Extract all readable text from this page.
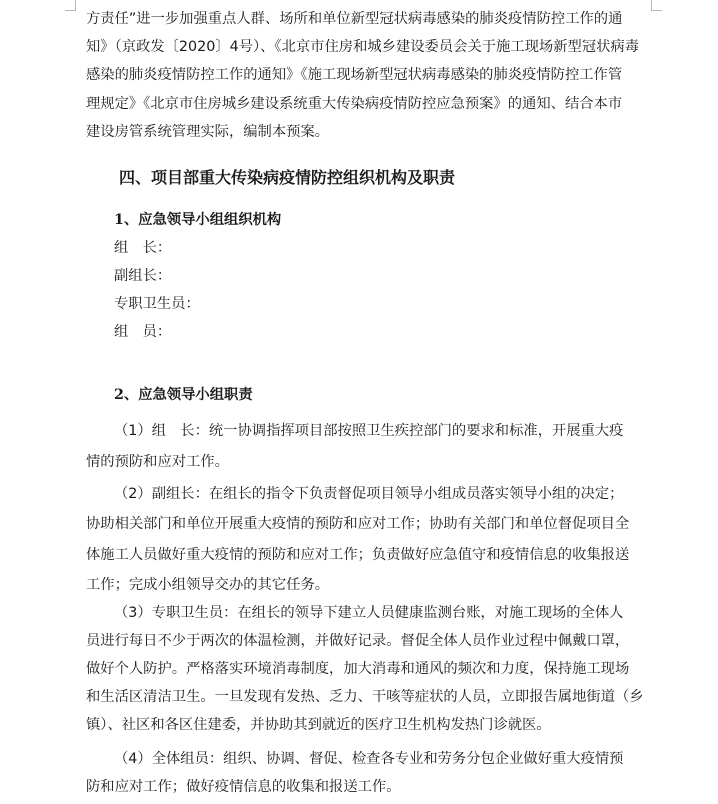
方责任”进一步加强重点人群、场所和单位新型冠状病毒感染的肺炎疫情防控工作的通
知》（京政发〔2020〕4号）、《北京市住房和城乡建设委员会关于施工现场新型冠状病毒
感染的肺炎疫情防控工作的通知》《施工现场新型冠状病毒感染的肺炎疫情防控工作管
理规定》《北京市住房城乡建设系统重大传染病疫情防控应急预案》的通知、结合本市
建设房管系统管理实际，编制本预案。
四、项目部重大传染病疫情防控组织机构及职责
1、应急领导小组组织机构
组　长：
副组长：
专职卫生员：
组　员：
2、应急领导小组职责
（1）组　长：统一协调指挥项目部按照卫生疾控部门的要求和标准，开展重大疫
情的预防和应对工作。
（2）副组长：在组长的指令下负责督促项目领导小组成员落实领导小组的决定；
协助相关部门和单位开展重大疫情的预防和应对工作；协助有关部门和单位督促项目全
体施工人员做好重大疫情的预防和应对工作；负责做好应急值守和疫情信息的收集报送
工作；完成小组领导交办的其它任务。
（3）专职卫生员：在组长的领导下建立人员健康监测台账，对施工现场的全体人
员进行每日不少于两次的体温检测，并做好记录。督促全体人员作业过程中佩戴口罩，
做好个人防护。严格落实环境消毒制度，加大消毒和通风的频次和力度，保持施工现场
和生活区清洁卫生。一旦发现有发热、乏力、干咳等症状的人员，立即报告属地街道（乡
镇）、社区和各区住建委，并协助其到就近的医疗卫生机构发热门诊就医。
（4）全体组员：组织、协调、督促、检查各专业和劳务分包企业做好重大疫情预
防和应对工作；做好疫情信息的收集和报送工作。
